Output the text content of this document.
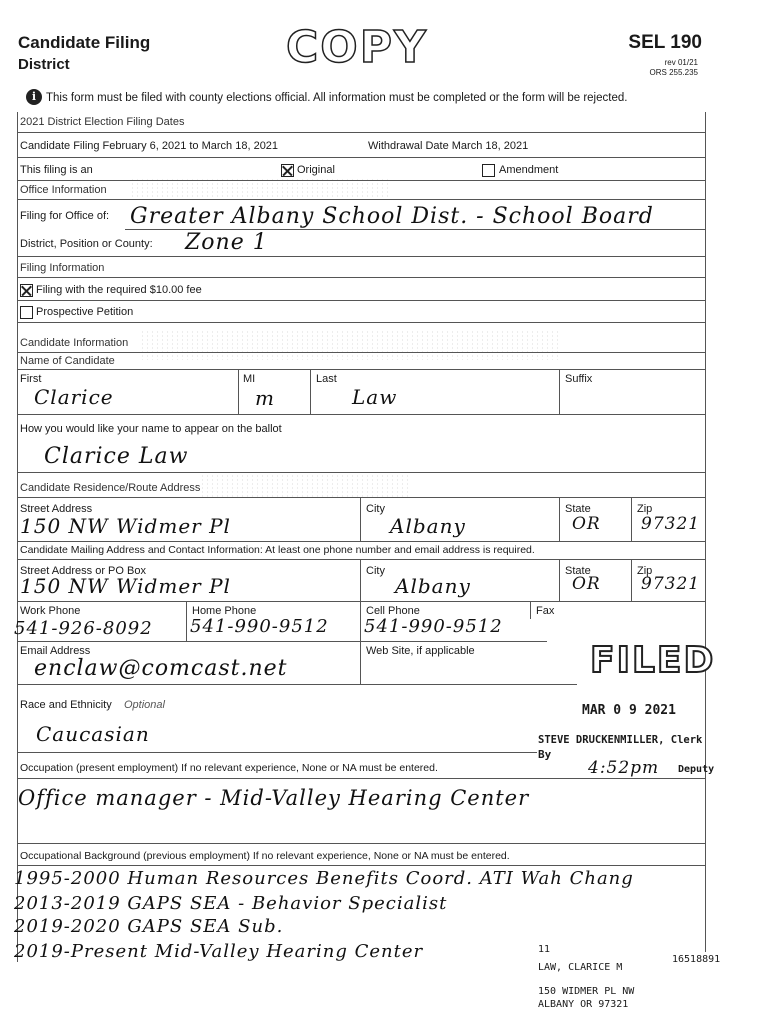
Candidate Filing
District	COPY	SEL 190
rev 01/21
ORS 255.235
i This form must be filed with county elections official. All information must be completed or the form will be rejected.
2021 District Election Filing Dates
Candidate Filing February 6, 2021 to March 18, 2021	Withdrawal Date March 18, 2021
This filing is an	Original	Amendment
Office Information
Filing for Office of: Greater Albany School Dist. - School Board
District, Position or County: Zone 1
Filing Information
Filing with the required $10.00 fee
Prospective Petition
Candidate Information
Name of Candidate
First	MI	Last	Suffix
Clarice	m	Law
How you would like your name to appear on the ballot
Clarice Law
Candidate Residence/Route Address
Street Address	City	State	Zip
150 NW Widmer Pl	Albany	OR 97321
Candidate Mailing Address and Contact Information: At least one phone number and email address is required.
Street Address or PO Box	City	State	Zip
150 NW Widmer Pl	Albany	OR 97321
Work Phone	Home Phone	Cell Phone	Fax
541-926-8092 541-990-9512 541-990-9512
Email Address	Web Site, if applicable
enclaw@comcast.net	FILED
MAR 0 9 2021
STEVE DRUCKENMILLER, Clerk
By
4:52pm Deputy
Race and Ethnicity Optional
Caucasian
Occupation (present employment) If no relevant experience, None or NA must be entered.
Office manager - Mid-Valley Hearing Center
Occupational Background (previous employment) If no relevant experience, None or NA must be entered.
1995-2000 Human Resources Benefits Coord. ATI Wah Chang
2013-2019 GAPS SEA - Behavior Specialist
2019-2020 GAPS SEA Sub.
2019-Present Mid-Valley Hearing Center	11
LAW, CLARICE M
16518891
150 WIDMER PL NW
ALBANY OR 97321
